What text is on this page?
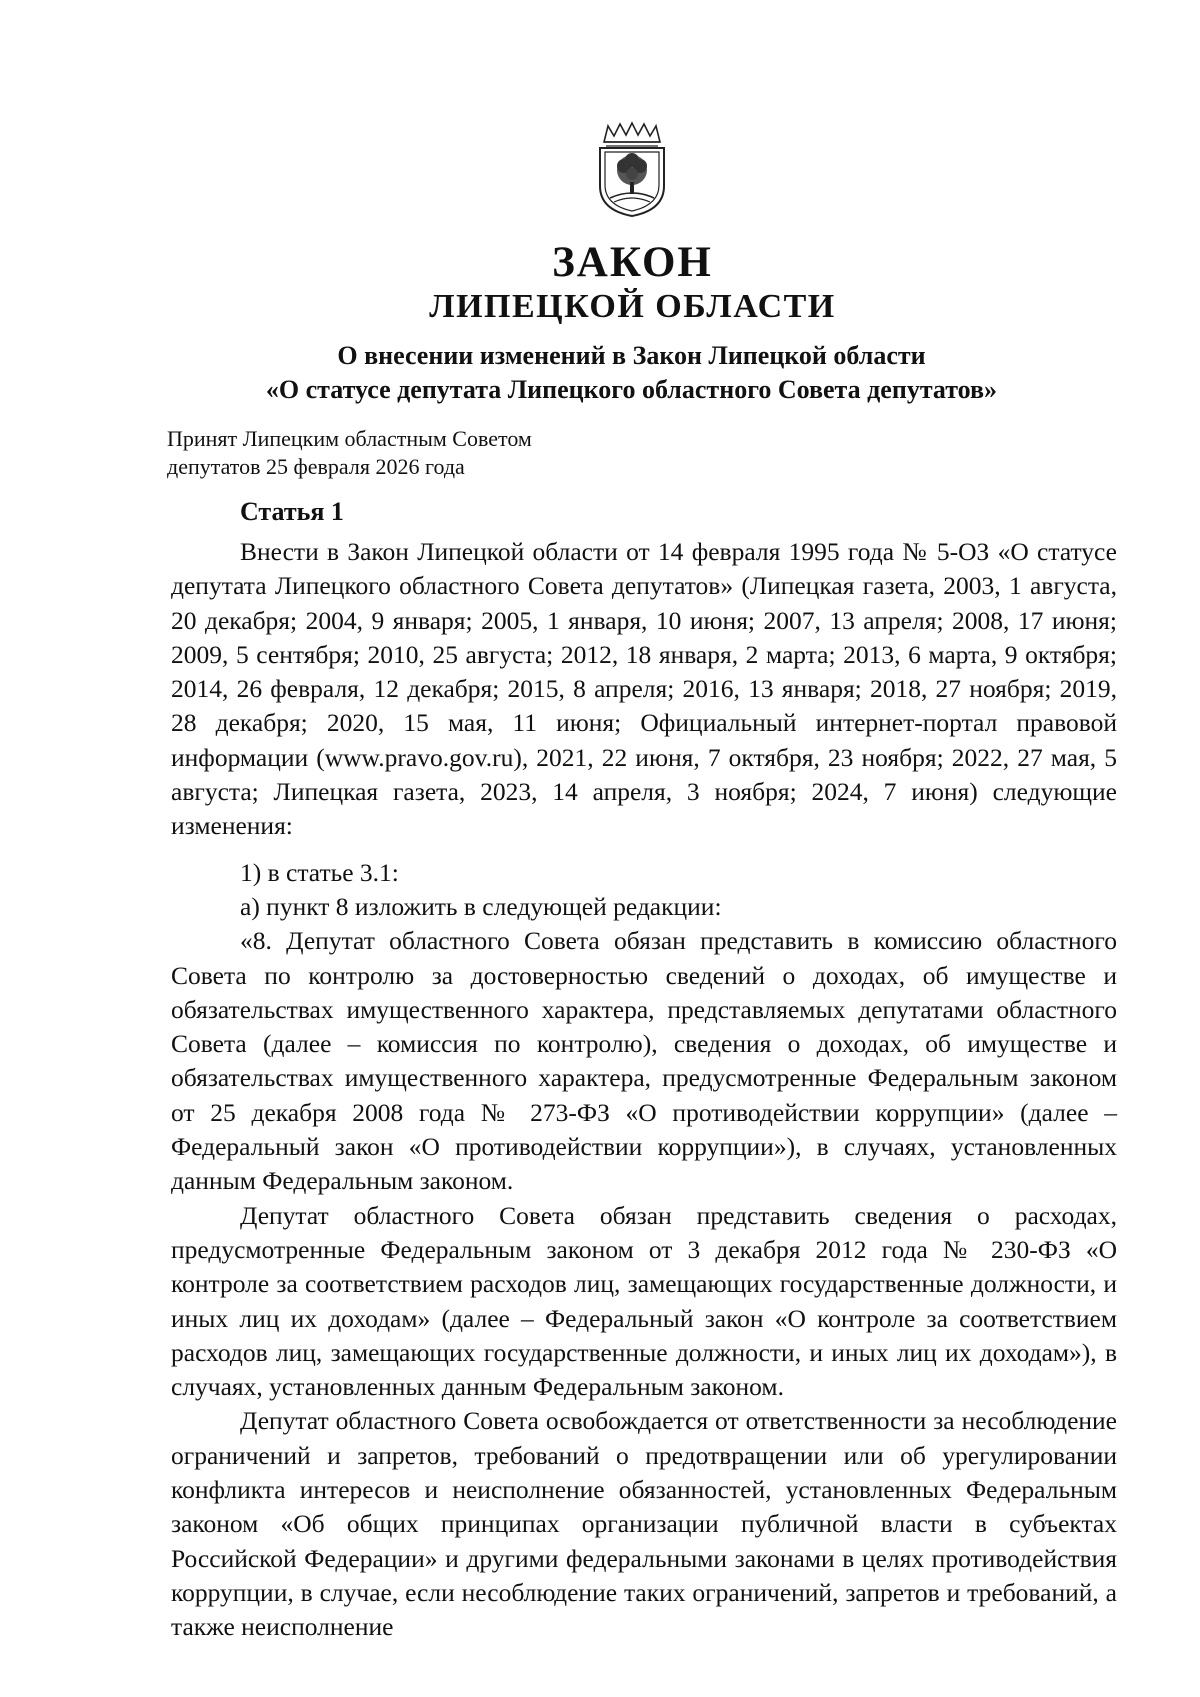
ЗАКОН
ЛИПЕЦКОЙ ОБЛАСТИ
О внесении изменений в Закон Липецкой области
«О статусе депутата Липецкого областного Совета депутатов»
Принят Липецким областным Советом
депутатов 25 февраля 2026 года
Статья 1

Внести в Закон Липецкой области от 14 февраля 1995 года № 5-ОЗ «О статусе депутата Липецкого областного Совета депутатов» (Липецкая газета, 2003, 1 августа, 20 декабря; 2004, 9 января; 2005, 1 января, 10 июня; 2007, 13 апреля; 2008, 17 июня; 2009, 5 сентября; 2010, 25 августа; 2012, 18 января, 2 марта; 2013, 6 марта, 9 октября; 2014, 26 февраля, 12 декабря; 2015, 8 апреля; 2016, 13 января; 2018, 27 ноября; 2019, 28 декабря; 2020, 15 мая, 11 июня; Официальный интернет-портал правовой информации (www.pravo.gov.ru), 2021, 22 июня, 7 октября, 23 ноября; 2022, 27 мая, 5 августа; Липецкая газета, 2023, 14 апреля, 3 ноября; 2024, 7 июня) следующие изменения:

1) в статье 3.1:

а) пункт 8 изложить в следующей редакции:

«8. Депутат областного Совета обязан представить в комиссию областного Совета по контролю за достоверностью сведений о доходах, об имуществе и обязательствах имущественного характера, представляемых депутатами областного Совета (далее – комиссия по контролю), сведения о доходах, об имуществе и обязательствах имущественного характера, предусмотренные Федеральным законом от 25 декабря 2008 года № 273-ФЗ «О противодействии коррупции» (далее – Федеральный закон «О противодействии коррупции»), в случаях, установленных данным Федеральным законом.

Депутат областного Совета обязан представить сведения о расходах, предусмотренные Федеральным законом от 3 декабря 2012 года № 230-ФЗ «О контроле за соответствием расходов лиц, замещающих государственные должности, и иных лиц их доходам» (далее – Федеральный закон «О контроле за соответствием расходов лиц, замещающих государственные должности, и иных лиц их доходам»), в случаях, установленных данным Федеральным законом.

Депутат областного Совета освобождается от ответственности за несоблюдение ограничений и запретов, требований о предотвращении или об урегулировании конфликта интересов и неисполнение обязанностей, установленных Федеральным законом «Об общих принципах организации публичной власти в субъектах Российской Федерации» и другими федеральными законами в целях противодействия коррупции, в случае, если несоблюдение таких ограничений, запретов и требований, а также неисполнение
